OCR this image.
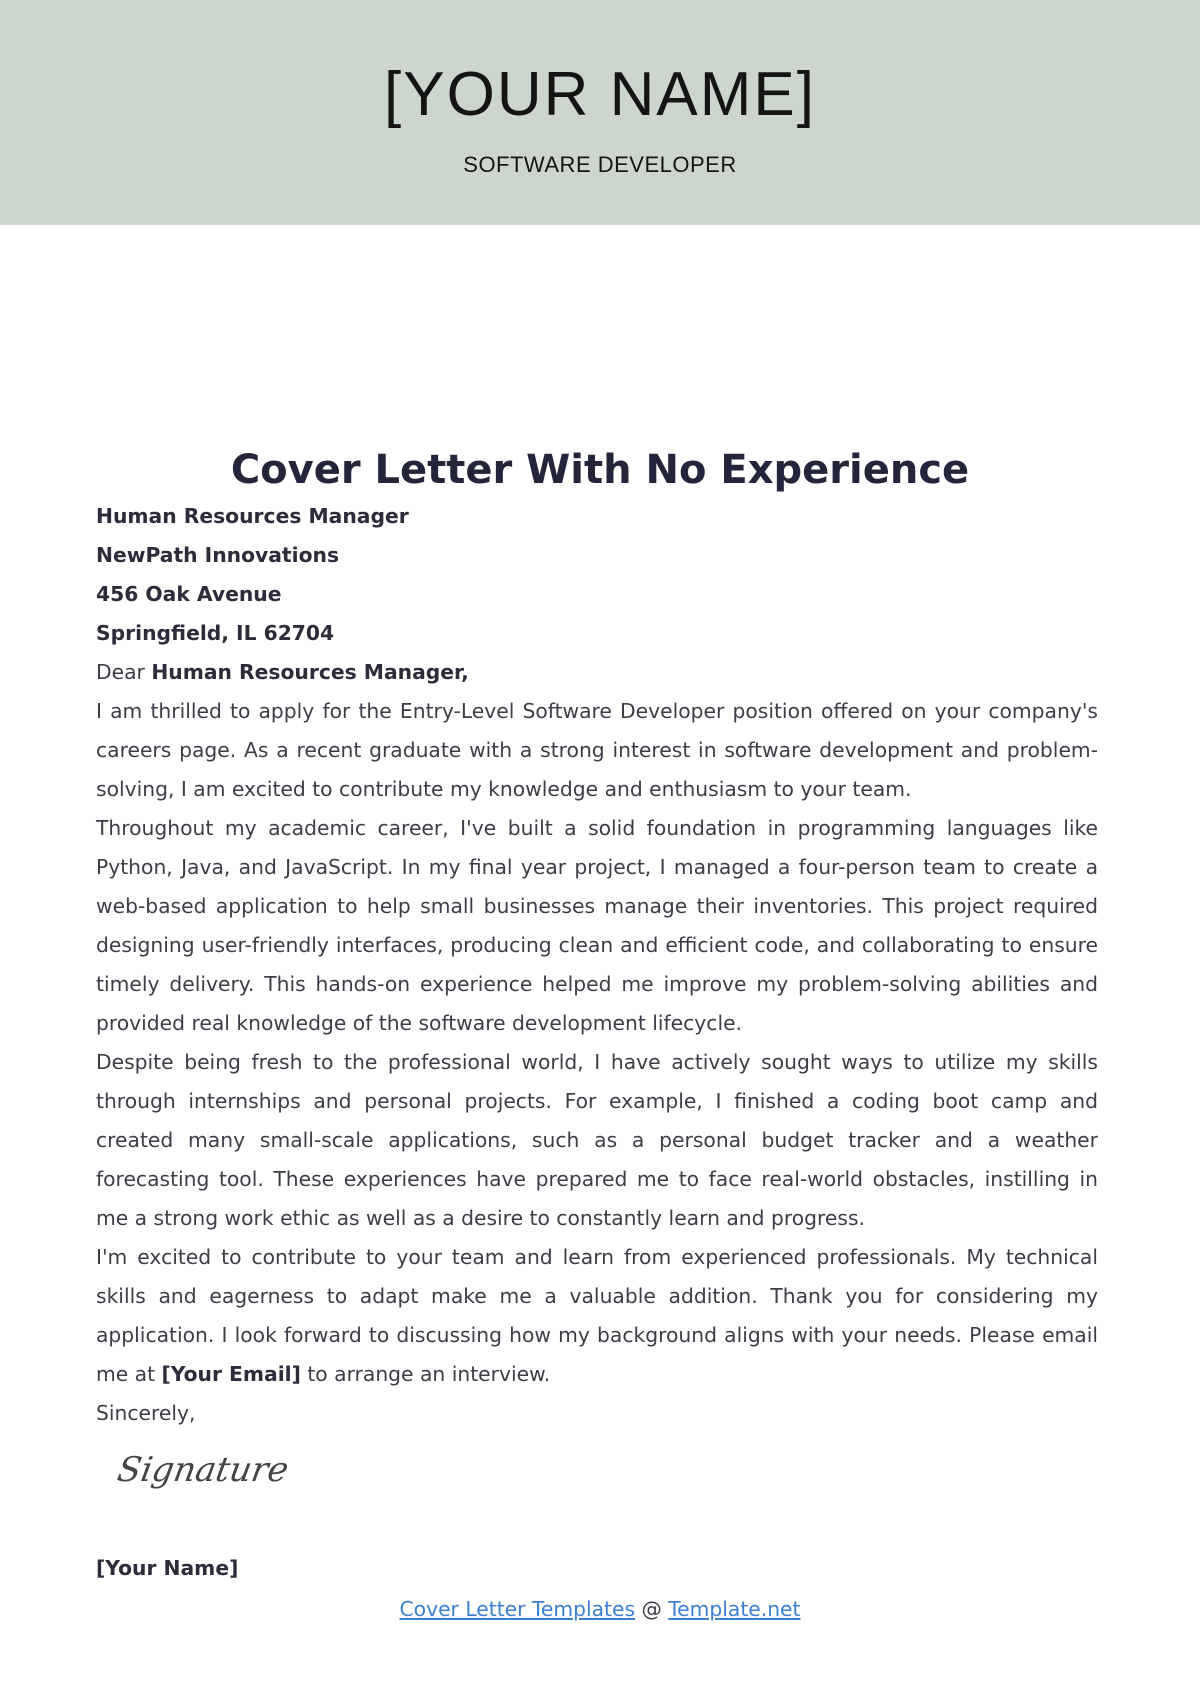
[YOUR NAME]
SOFTWARE DEVELOPER
Cover Letter With No Experience

Human Resources Manager

NewPath Innovations

456 Oak Avenue

Springfield, IL 62704

Dear Human Resources Manager,

I am thrilled to apply for the Entry-Level Software Developer position offered on your company's careers page. As a recent graduate with a strong interest in software development and problem-solving, I am excited to contribute my knowledge and enthusiasm to your team.

Throughout my academic career, I've built a solid foundation in programming languages like Python, Java, and JavaScript. In my final year project, I managed a four-person team to create a web-based application to help small businesses manage their inventories. This project required designing user-friendly interfaces, producing clean and efficient code, and collaborating to ensure timely delivery. This hands-on experience helped me improve my problem-solving abilities and provided real knowledge of the software development lifecycle.

Despite being fresh to the professional world, I have actively sought ways to utilize my skills through internships and personal projects. For example, I finished a coding boot camp and created many small-scale applications, such as a personal budget tracker and a weather forecasting tool. These experiences have prepared me to face real-world obstacles, instilling in me a strong work ethic as well as a desire to constantly learn and progress.

I'm excited to contribute to your team and learn from experienced professionals. My technical skills and eagerness to adapt make me a valuable addition. Thank you for considering my application. I look forward to discussing how my background aligns with your needs. Please email me at [Your Email] to arrange an interview.

Sincerely,

Signature
[Your Name]
Cover Letter Templates @ Template.net
